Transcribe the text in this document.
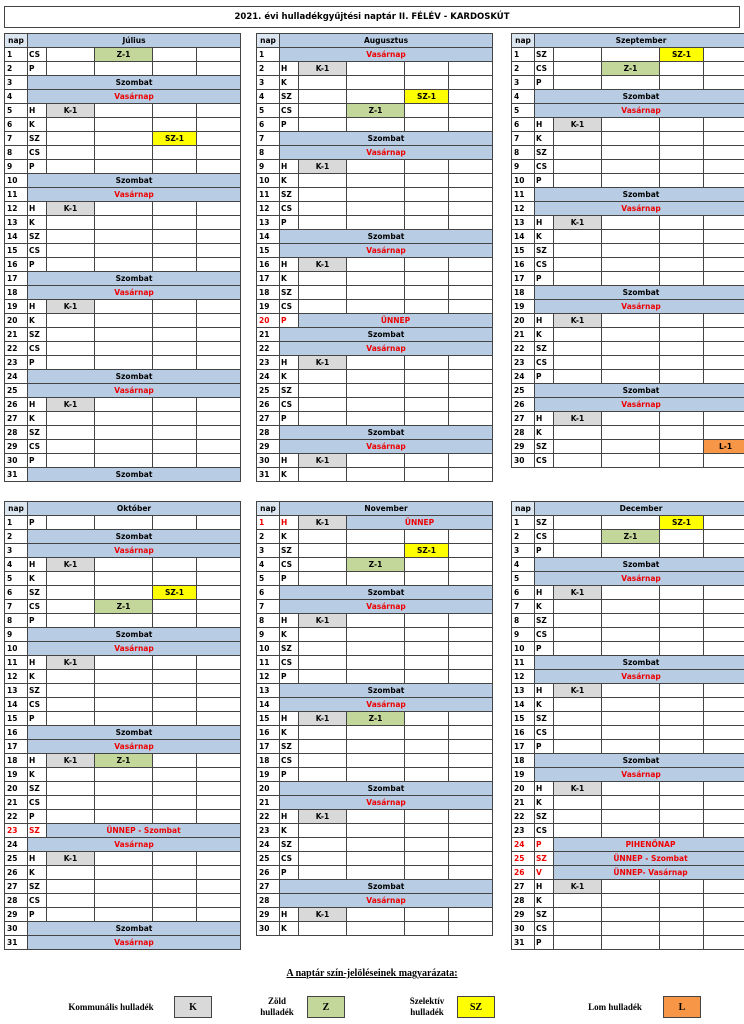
2021. évi hulladékgyűjtési naptár II. FÉLÉV - KARDOSKÚT
nap	Július				
1	CS		Z-1		
2	P				
3	Szombat				
4	Vasárnap				
5	H	K-1			
6	K				
7	SZ			SZ-1	
8	CS				
9	P				
10	Szombat				
11	Vasárnap				
12	H	K-1			
13	K				
14	SZ				
15	CS				
16	P				
17	Szombat				
18	Vasárnap				
19	H	K-1			
20	K				
21	SZ				
22	CS				
23	P				
24	Szombat				
25	Vasárnap				
26	H	K-1			
27	K				
28	SZ				
29	CS				
30	P				
31	Szombat				
nap	Augusztus				
1	Vasárnap				
2	H	K-1			
3	K				
4	SZ			SZ-1	
5	CS		Z-1		
6	P				
7	Szombat				
8	Vasárnap				
9	H	K-1			
10	K				
11	SZ				
12	CS				
13	P				
14	Szombat				
15	Vasárnap				
16	H	K-1			
17	K				
18	SZ				
19	CS				
20	P	ÜNNEP			
21	Szombat				
22	Vasárnap				
23	H	K-1			
24	K				
25	SZ				
26	CS				
27	P				
28	Szombat				
29	Vasárnap				
30	H	K-1			
31	K				
nap	Szeptember				
1	SZ			SZ-1	
2	CS		Z-1		
3	P				
4	Szombat				
5	Vasárnap				
6	H	K-1			
7	K				
8	SZ				
9	CS				
10	P				
11	Szombat				
12	Vasárnap				
13	H	K-1			
14	K				
15	SZ				
16	CS				
17	P				
18	Szombat				
19	Vasárnap				
20	H	K-1			
21	K				
22	SZ				
23	CS				
24	P				
25	Szombat				
26	Vasárnap				
27	H	K-1			
28	K				
29	SZ				L-1
30	CS				
nap	Október				
1	P				
2	Szombat				
3	Vasárnap				
4	H	K-1			
5	K				
6	SZ			SZ-1	
7	CS		Z-1		
8	P				
9	Szombat				
10	Vasárnap				
11	H	K-1			
12	K				
13	SZ				
14	CS				
15	P				
16	Szombat				
17	Vasárnap				
18	H	K-1	Z-1		
19	K				
20	SZ				
21	CS				
22	P				
23	SZ	ÜNNEP - Szombat			
24	Vasárnap				
25	H	K-1			
26	K				
27	SZ				
28	CS				
29	P				
30	Szombat				
31	Vasárnap				
nap	November				
1	H	K-1	ÜNNEP		
2	K				
3	SZ			SZ-1	
4	CS		Z-1		
5	P				
6	Szombat				
7	Vasárnap				
8	H	K-1			
9	K				
10	SZ				
11	CS				
12	P				
13	Szombat				
14	Vasárnap				
15	H	K-1	Z-1		
16	K				
17	SZ				
18	CS				
19	P				
20	Szombat				
21	Vasárnap				
22	H	K-1			
23	K				
24	SZ				
25	CS				
26	P				
27	Szombat				
28	Vasárnap				
29	H	K-1			
30	K				
nap	December				
1	SZ			SZ-1	
2	CS		Z-1		
3	P				
4	Szombat				
5	Vasárnap				
6	H	K-1			
7	K				
8	SZ				
9	CS				
10	P				
11	Szombat				
12	Vasárnap				
13	H	K-1			
14	K				
15	SZ				
16	CS				
17	P				
18	Szombat				
19	Vasárnap				
20	H	K-1			
21	K				
22	SZ				
23	CS				
24	P	PIHENŐNAP			
25	SZ	ÜNNEP - Szombat			
26	V	ÜNNEP- Vasárnap			
27	H	K-1			
28	K				
29	SZ				
30	CS				
31	P				
A naptár szín-jelöléseinek magyarázata:
Kommunális hulladék	K
Zöld hulladék	Z
Szelektív hulladék	SZ	Lom hulladék	L
